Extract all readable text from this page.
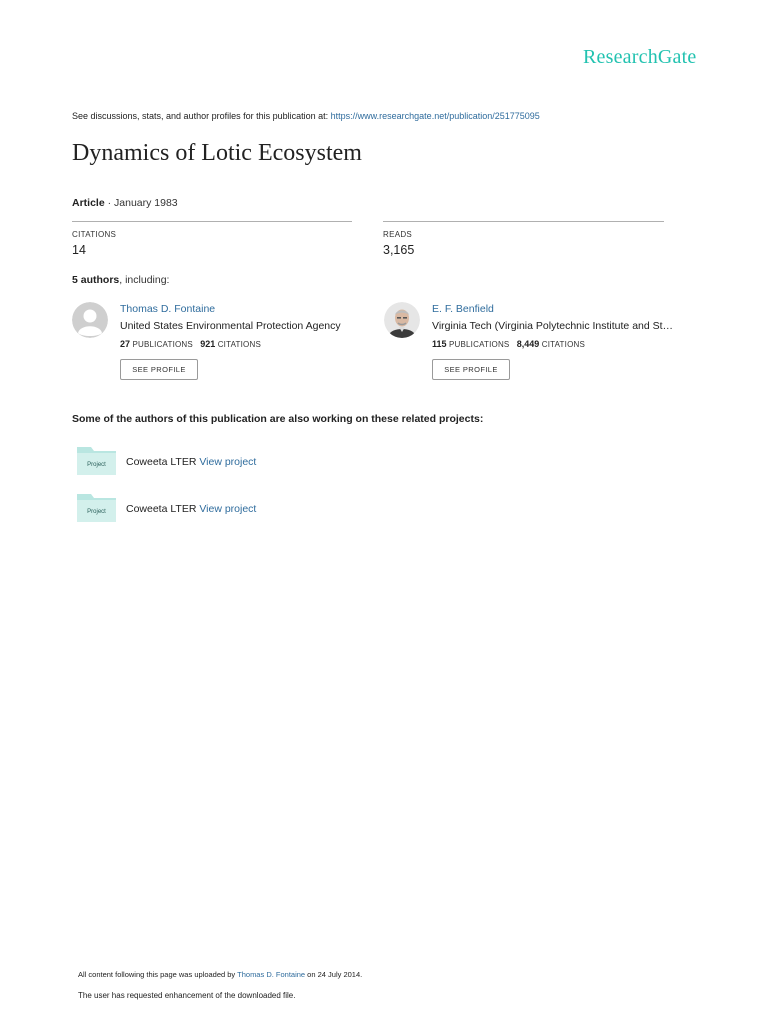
ResearchGate
See discussions, stats, and author profiles for this publication at: https://www.researchgate.net/publication/251775095
Dynamics of Lotic Ecosystem
Article · January 1983
CITATIONS
14
READS
3,165
5 authors, including:
Thomas D. Fontaine
United States Environmental Protection Agency
27 PUBLICATIONS 921 CITATIONS
SEE PROFILE
E. F. Benfield
Virginia Tech (Virginia Polytechnic Institute and St…
115 PUBLICATIONS 8,449 CITATIONS
SEE PROFILE
Some of the authors of this publication are also working on these related projects:
Project Coweeta LTER View project
Project Coweeta LTER View project
All content following this page was uploaded by Thomas D. Fontaine on 24 July 2014.
The user has requested enhancement of the downloaded file.
